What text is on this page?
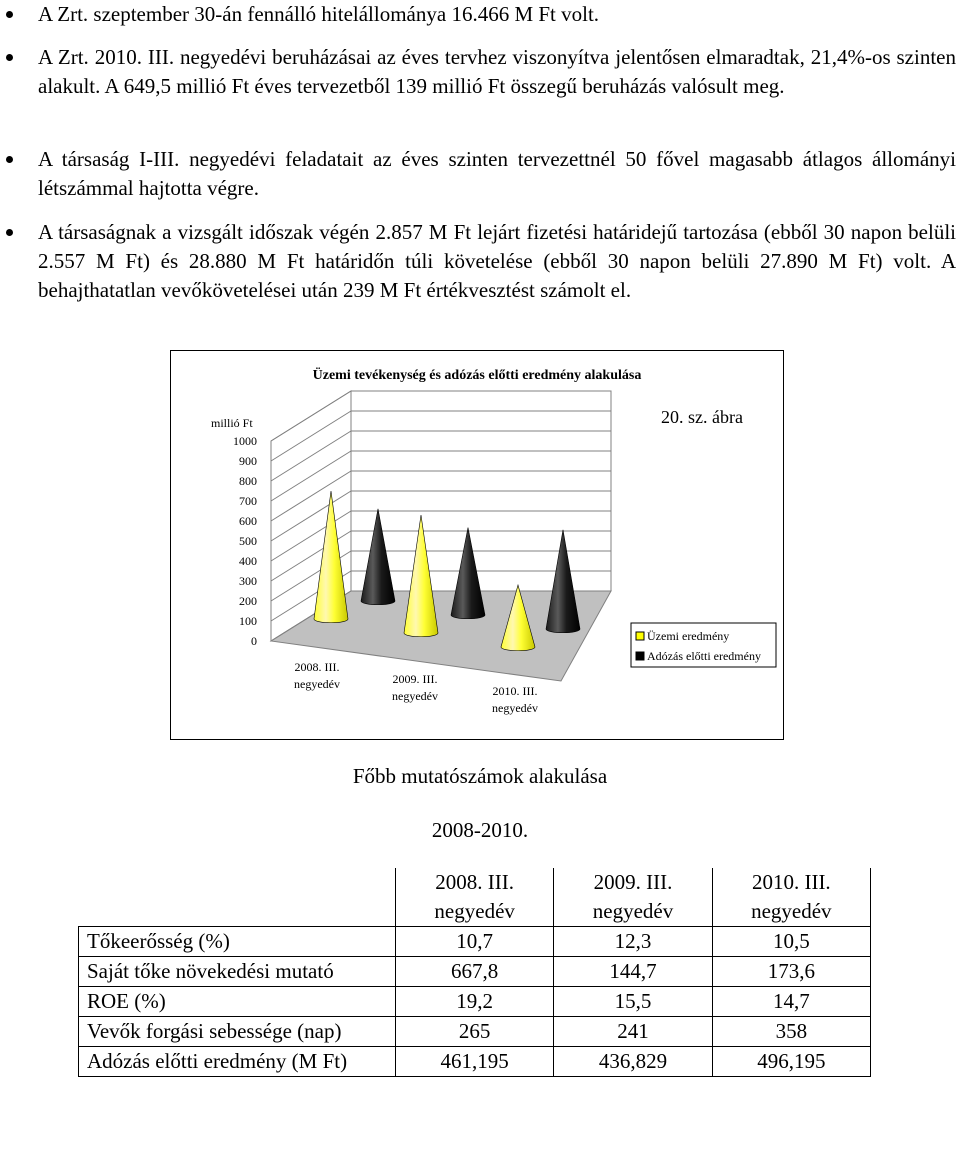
A Zrt. szeptember 30-án fennálló hitelállománya 16.466 M Ft volt.
A Zrt. 2010. III. negyedévi beruházásai az éves tervhez viszonyítva jelentősen elmaradtak, 21,4%-os szinten alakult. A 649,5 millió Ft éves tervezetből 139 millió Ft összegű beruházás valósult meg.
A társaság I-III. negyedévi feladatait az éves szinten tervezettnél 50 fővel magasabb átlagos állományi létszámmal hajtotta végre.
A társaságnak a vizsgált időszak végén 2.857 M Ft lejárt fizetési határidejű tartozása (ebből 30 napon belüli 2.557 M Ft) és 28.880 M Ft határidőn túli követelése (ebből 30 napon belüli 27.890 M Ft) volt. A behajthatatlan vevőkövetelései után 239 M Ft értékvesztést számolt el.
Üzemi tevékenység és adózás előtti eredmény alakulása
20. sz. ábra
millió Ft
0
100
200
300
400
500
600
700
800
900
1000
2008. III. negyedév	2009. III. negyedév	2010. III. negyedév
Üzemi eredmény
Adózás előtti eredmény
Főbb mutatószámok alakulása
2008-2010.
	2008. III. negyedév	2009. III. negyedév	2010. III. negyedév
Tőkeerősség (%)	10,7	12,3	10,5
Saját tőke növekedési mutató	667,8	144,7	173,6
ROE (%)	19,2	15,5	14,7
Vevők forgási sebessége (nap)	265	241	358
Adózás előtti eredmény (M Ft)	461,195	436,829	496,195
